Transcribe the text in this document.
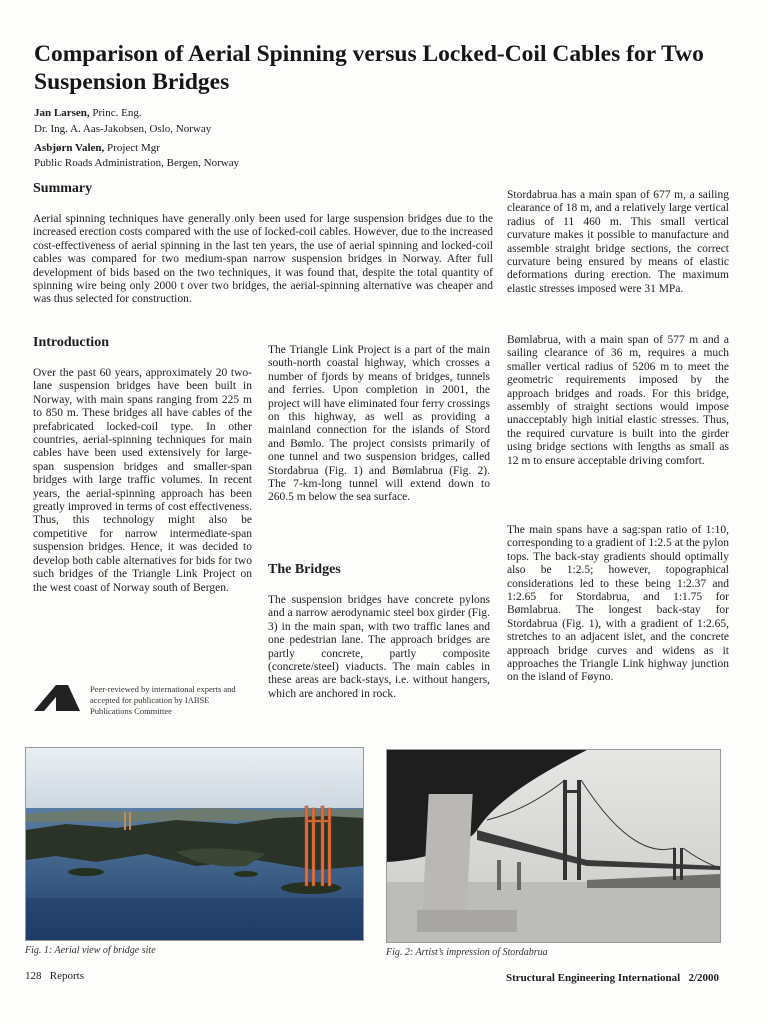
Comparison of Aerial Spinning versus Locked-Coil Cables for Two Suspension Bridges
Jan Larsen, Princ. Eng.
Dr. Ing. A. Aas-Jakobsen, Oslo, Norway
Asbjørn Valen, Project Mgr
Public Roads Administration, Bergen, Norway
Summary

Aerial spinning techniques have generally only been used for large suspension bridges due to the increased erection costs compared with the use of locked-coil cables. However, due to the increased cost-effectiveness of aerial spinning in the last ten years, the use of aerial spinning and locked-coil cables was compared for two medium-span narrow suspension bridges in Norway. After full development of bids based on the two techniques, it was found that, despite the total quantity of spinning wire being only 2000 t over two bridges, the aerial-spinning alternative was cheaper and was thus selected for construction.

Introduction

Over the past 60 years, approximately 20 two-lane suspension bridges have been built in Norway, with main spans ranging from 225 m to 850 m. These bridges all have cables of the prefabricated locked-coil type. In other countries, aerial-spinning techniques for main cables have been used extensively for large-span suspension bridges and smaller-span bridges with large traffic volumes. In recent years, the aerial-spinning approach has been greatly improved in terms of cost effectiveness. Thus, this technology might also be competitive for narrow intermediate-span suspension bridges. Hence, it was decided to develop both cable alternatives for bids for two such bridges of the Triangle Link Project on the west coast of Norway south of Bergen.

Peer-reviewed by international experts and accepted for publication by IABSE Publications Committee

The Triangle Link Project is a part of the main south-north coastal highway, which crosses a number of fjords by means of bridges, tunnels and ferries. Upon completion in 2001, the project will have eliminated four ferry crossings on this highway, as well as providing a mainland connection for the islands of Stord and Bømlo. The project consists primarily of one tunnel and two suspension bridges, called Stordabrua (Fig. 1) and Bømlabrua (Fig. 2). The 7-km-long tunnel will extend down to 260.5 m below the sea surface.

The Bridges

The suspension bridges have concrete pylons and a narrow aerodynamic steel box girder (Fig. 3) in the main span, with two traffic lanes and one pedestrian lane. The approach bridges are partly concrete, partly composite (concrete/steel) viaducts. The main cables in these areas are back-stays, i.e. without hangers, which are anchored in rock.

Stordabrua has a main span of 677 m, a sailing clearance of 18 m, and a relatively large vertical radius of 11 460 m. This small vertical curvature makes it possible to manufacture and assemble straight bridge sections, the correct curvature being ensured by means of elastic deformations during erection. The maximum elastic stresses imposed were 31 MPa.

Bømlabrua, with a main span of 577 m and a sailing clearance of 36 m, requires a much smaller vertical radius of 5206 m to meet the geometric requirements imposed by the approach bridges and roads. For this bridge, assembly of straight sections would impose unacceptably high initial elastic stresses. Thus, the required curvature is built into the girder using bridge sections with lengths as small as 12 m to ensure acceptable driving comfort.

The main spans have a sag:span ratio of 1:10, corresponding to a gradient of 1:2.5 at the pylon tops. The back-stay gradients should optimally also be 1:2.5; however, topographical considerations led to these being 1:2.37 and 1:2.65 for Stordabrua, and 1:1.75 for Bømlabrua. The longest back-stay for Stordabrua (Fig. 1), with a gradient of 1:2.65, stretches to an adjacent islet, and the concrete approach bridge curves and widens as it approaches the Triangle Link highway junction on the island of Føyno.

Fig. 1: Aerial view of bridge site	Fig. 2: Artist’s impression of Stordabrua
128 Reports	Structural Engineering International 2/2000
